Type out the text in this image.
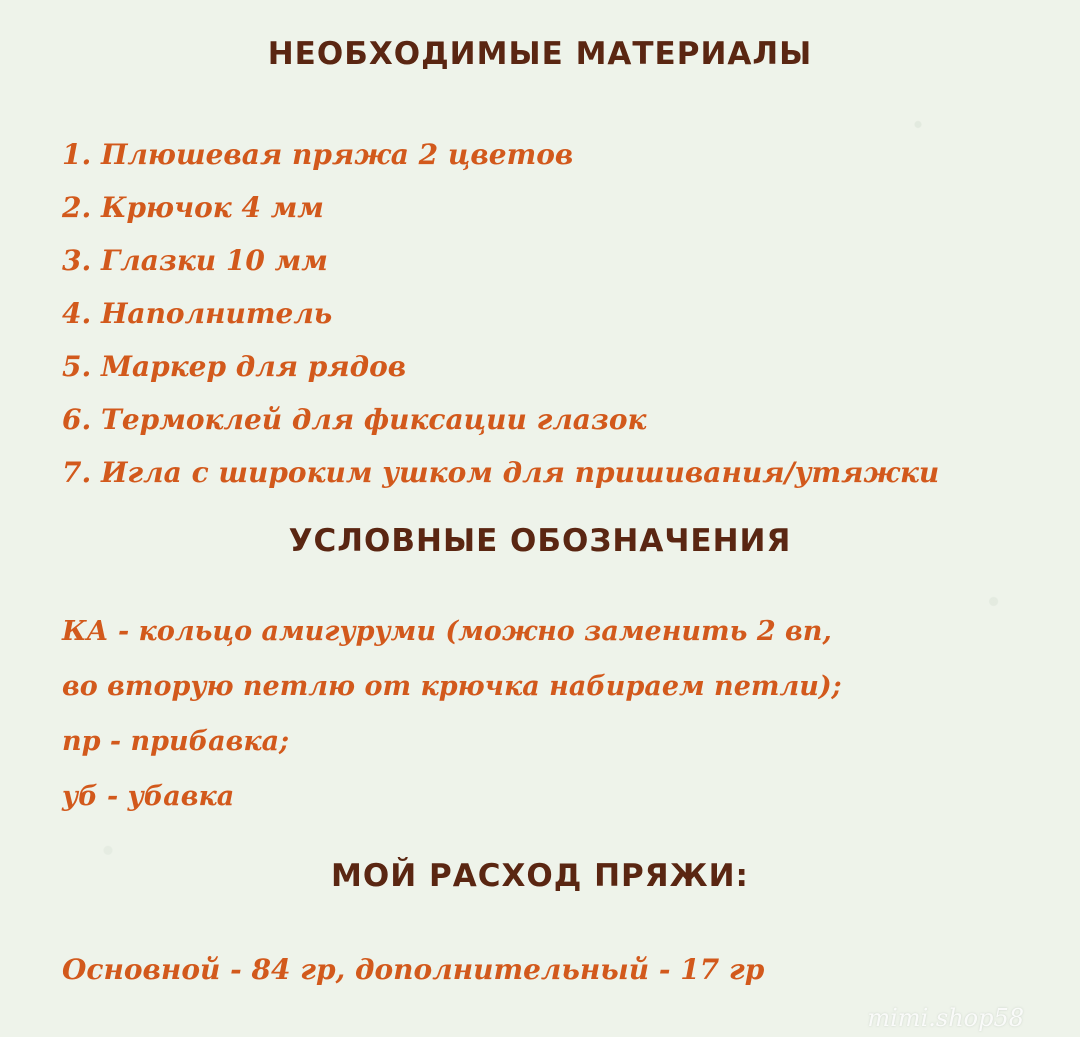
НЕОБХОДИМЫЕ МАТЕРИАЛЫ
1. Плюшевая пряжа 2 цветов
2. Крючок 4 мм
3. Глазки 10 мм
4. Наполнитель
5. Маркер для рядов
6. Термоклей для фиксации глазок
7. Игла с широким ушком для пришивания/утяжки
УСЛОВНЫЕ ОБОЗНАЧЕНИЯ

КА - кольцо амигуруми (можно заменить 2 вп,

во вторую петлю от крючка набираем петли);

пр - прибавка;

уб - убавка

МОЙ РАСХОД ПРЯЖИ:

Основной - 84 гр, дополнительный - 17 гр

mimi.shop58
